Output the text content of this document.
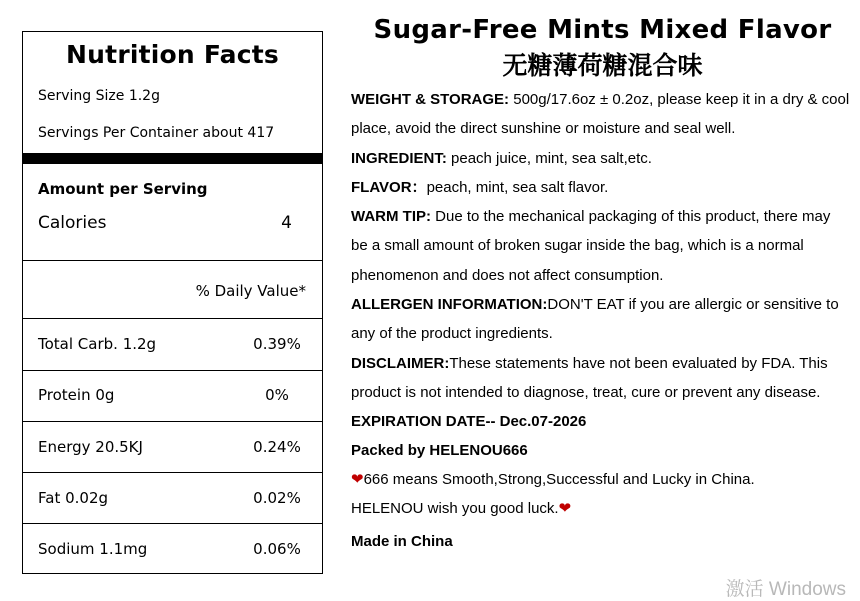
Nutrition Facts
Serving Size 1.2g
Servings Per Container about 417
Amount per Serving
Calories	4
% Daily Value*
Total Carb. 1.2g	0.39%
Protein 0g	0%
Energy 20.5KJ	0.24%
Fat 0.02g	0.02%
Sodium 1.1mg	0.06%
Sugar-Free Mints Mixed Flavor
无糖薄荷糖混合味
WEIGHT & STORAGE: 500g/17.6oz ± 0.2oz, please keep it in a dry & cool place, avoid the direct sunshine or moisture and seal well.
INGREDIENT: peach juice, mint, sea salt,etc.
FLAVOR：peach, mint, sea salt flavor.
WARM TIP: Due to the mechanical packaging of this product, there may be a small amount of broken sugar inside the bag, which is a normal phenomenon and does not affect consumption.
ALLERGEN INFORMATION:DON'T EAT if you are allergic or sensitive to any of the product ingredients.
DISCLAIMER:These statements have not been evaluated by FDA. This product is not intended to diagnose, treat, cure or prevent any disease.
EXPIRATION DATE-- Dec.07-2026
Packed by HELENOU666
❤666 means Smooth,Strong,Successful and Lucky in China.
HELENOU wish you good luck.❤
Made in China
激活 Windows
